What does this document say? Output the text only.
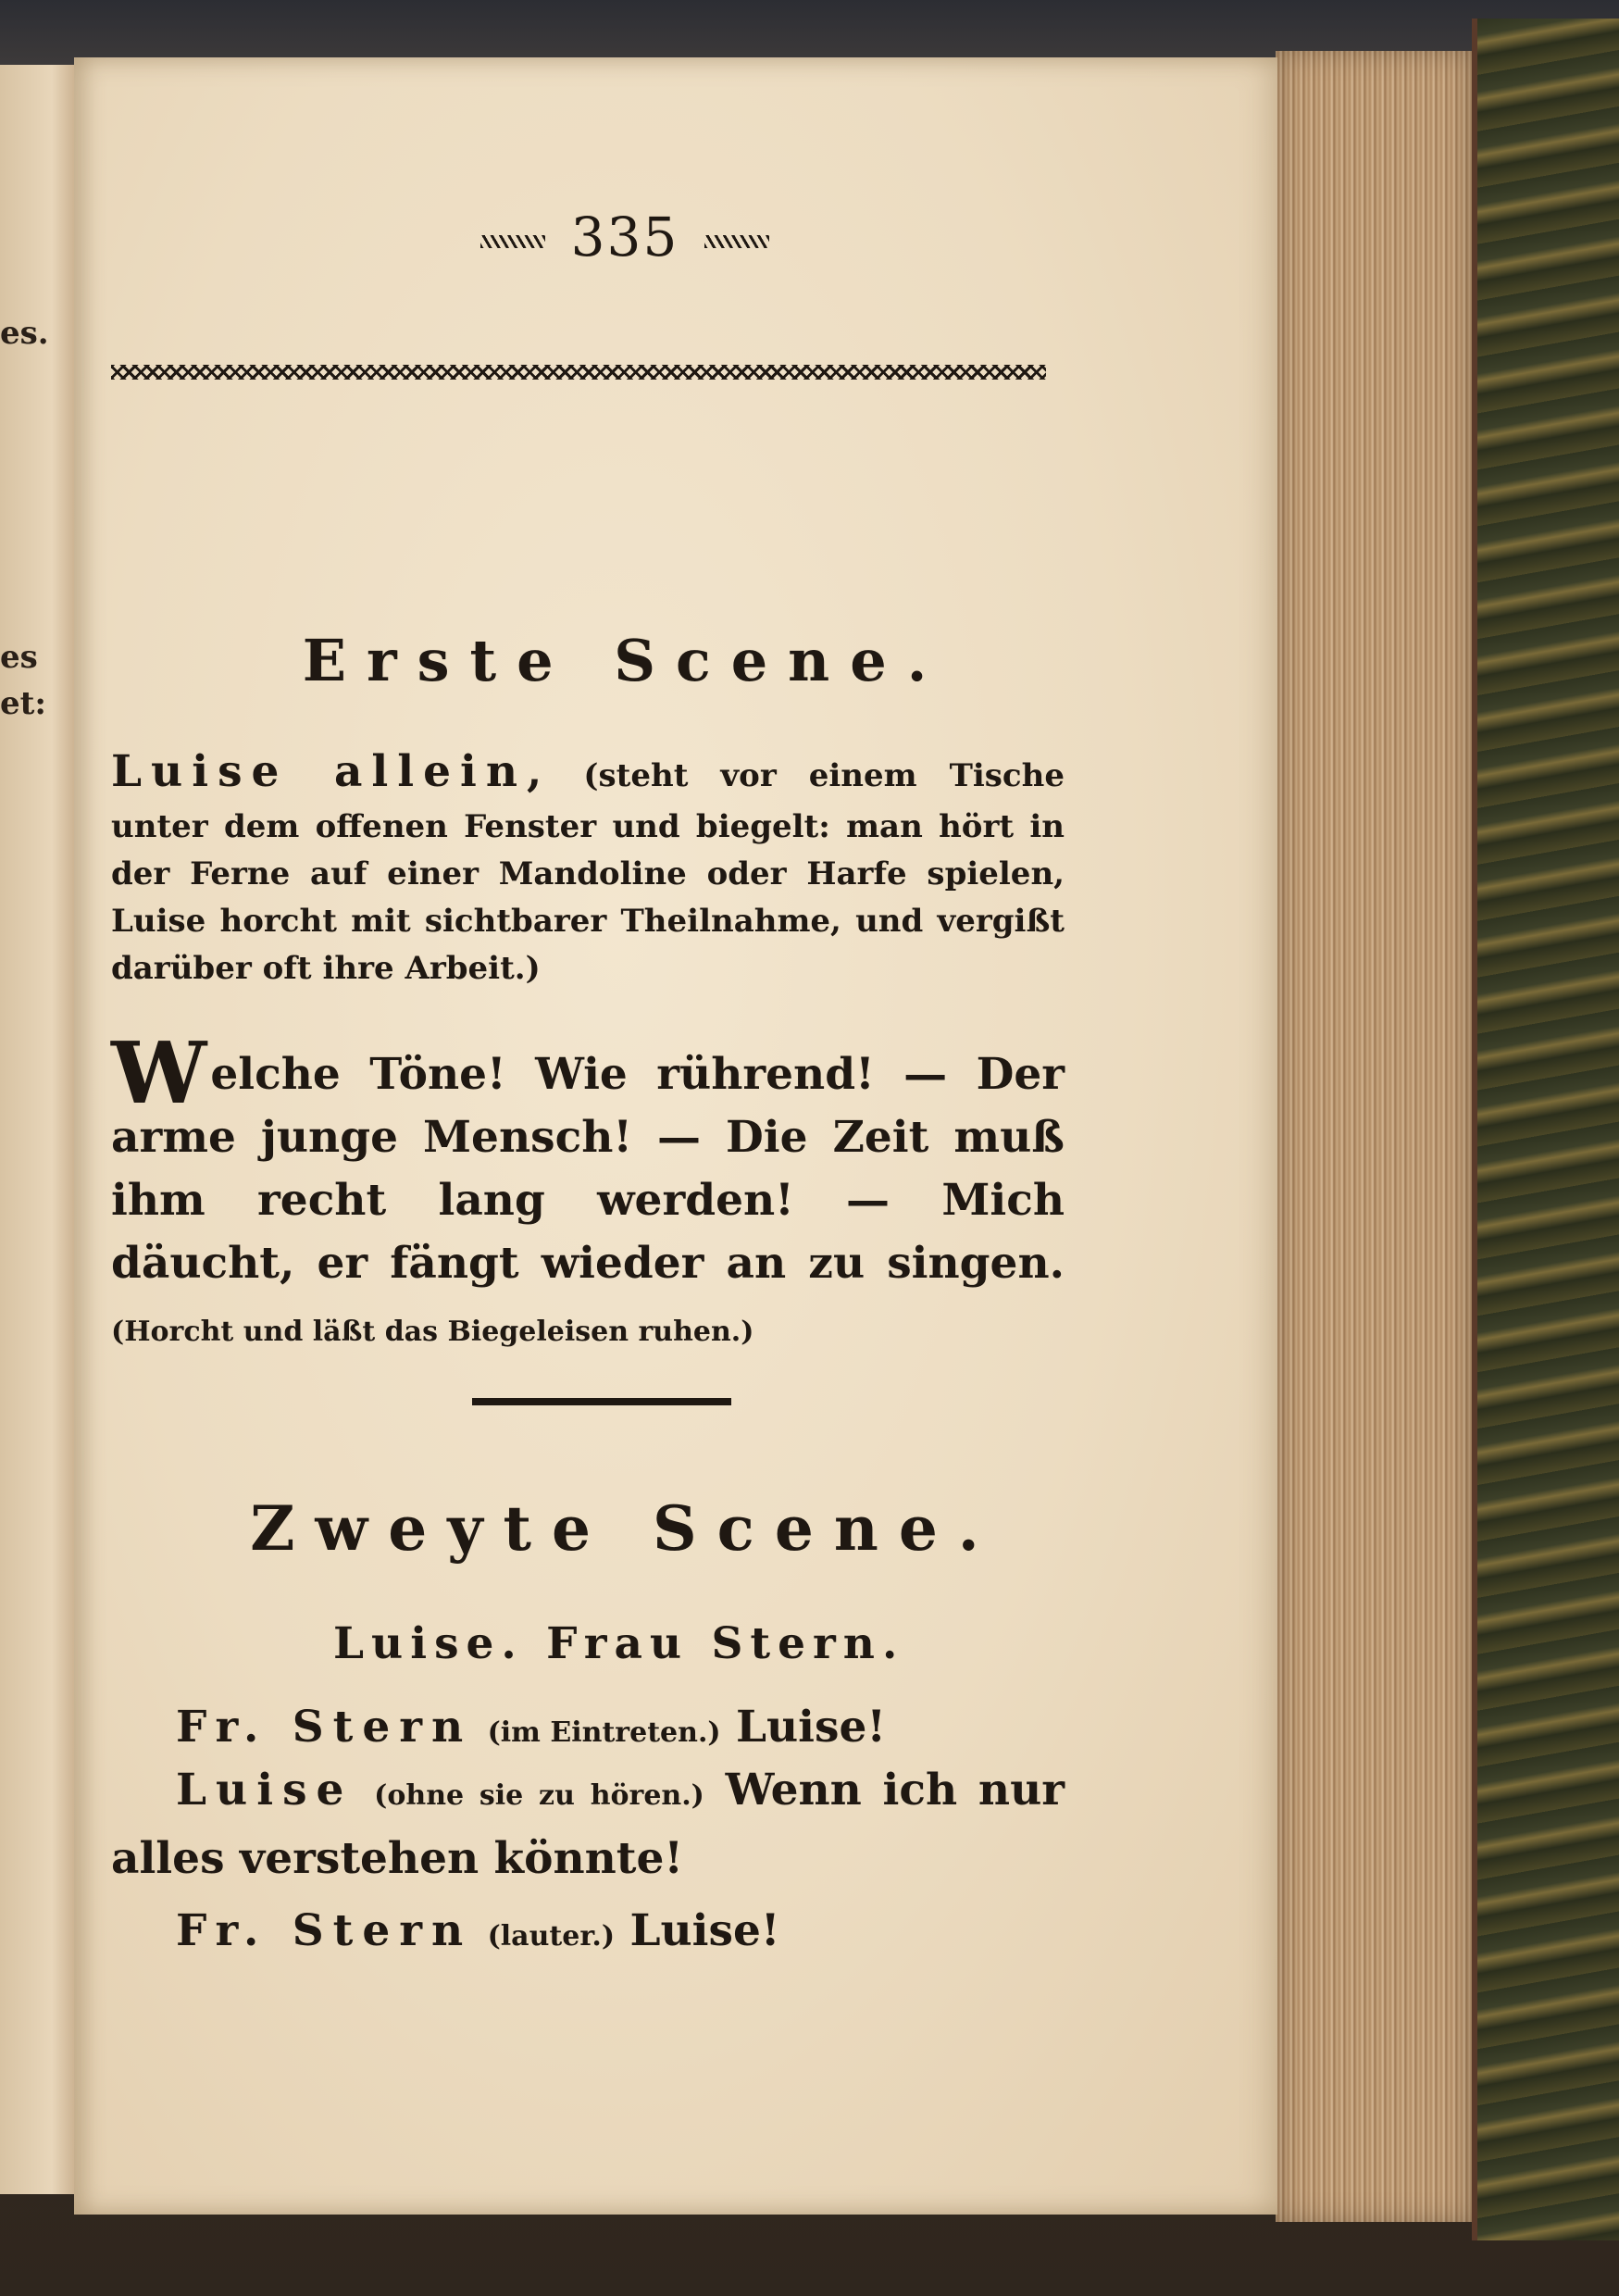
es.
es
et:
335
Erste Scene.
Luise allein, (steht vor einem Tische unter dem offenen Fenster und biegelt: man hört in der Ferne auf einer Mandoline oder Harfe spielen, Luise horcht mit sichtbarer Theilnahme, und vergißt darüber oft ihre Arbeit.)
Welche Töne! Wie rührend! — Der arme junge Mensch! — Die Zeit muß ihm recht lang werden! — Mich däucht, er fängt wieder an zu singen. (Horcht und läßt das Biegeleisen ruhen.)
Zweyte Scene.
Luise. Frau Stern.
Fr. Stern (im Eintreten.) Luise!
Luise (ohne sie zu hören.) Wenn ich nur alles verstehen könnte!
Fr. Stern (lauter.) Luise!
